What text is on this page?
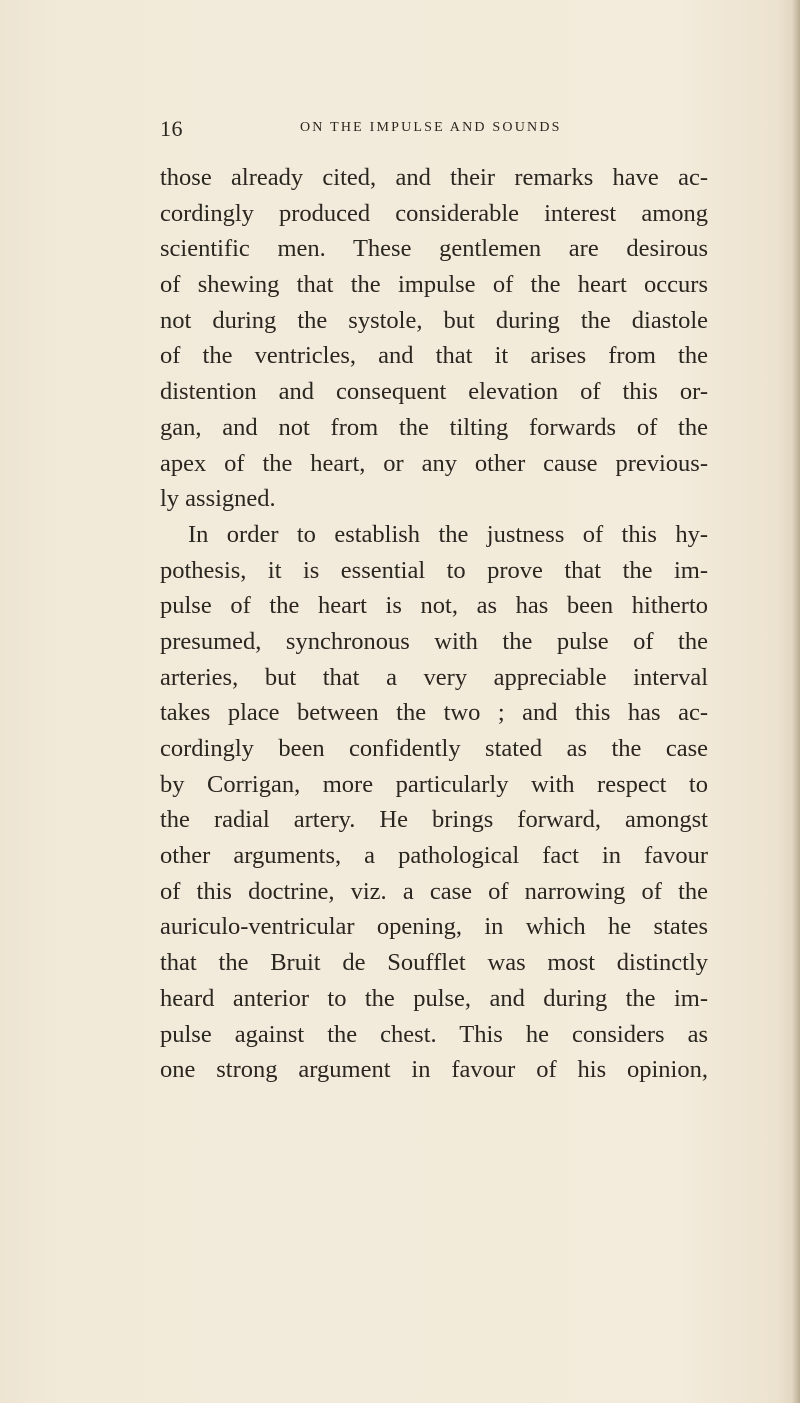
16	ON THE IMPULSE AND SOUNDS
those already cited, and their remarks have ac-
cordingly produced considerable interest among
scientific men. These gentlemen are desirous
of shewing that the impulse of the heart occurs
not during the systole, but during the diastole
of the ventricles, and that it arises from the
distention and consequent elevation of this or-
gan, and not from the tilting forwards of the
apex of the heart, or any other cause previous-
ly assigned.
In order to establish the justness of this hy-
pothesis, it is essential to prove that the im-
pulse of the heart is not, as has been hitherto
presumed, synchronous with the pulse of the
arteries, but that a very appreciable interval
takes place between the two ; and this has ac-
cordingly been confidently stated as the case
by Corrigan, more particularly with respect to
the radial artery. He brings forward, amongst
other arguments, a pathological fact in favour
of this doctrine, viz. a case of narrowing of the
auriculo-ventricular opening, in which he states
that the Bruit de Soufflet was most distinctly
heard anterior to the pulse, and during the im-
pulse against the chest. This he considers as
one strong argument in favour of his opinion,
